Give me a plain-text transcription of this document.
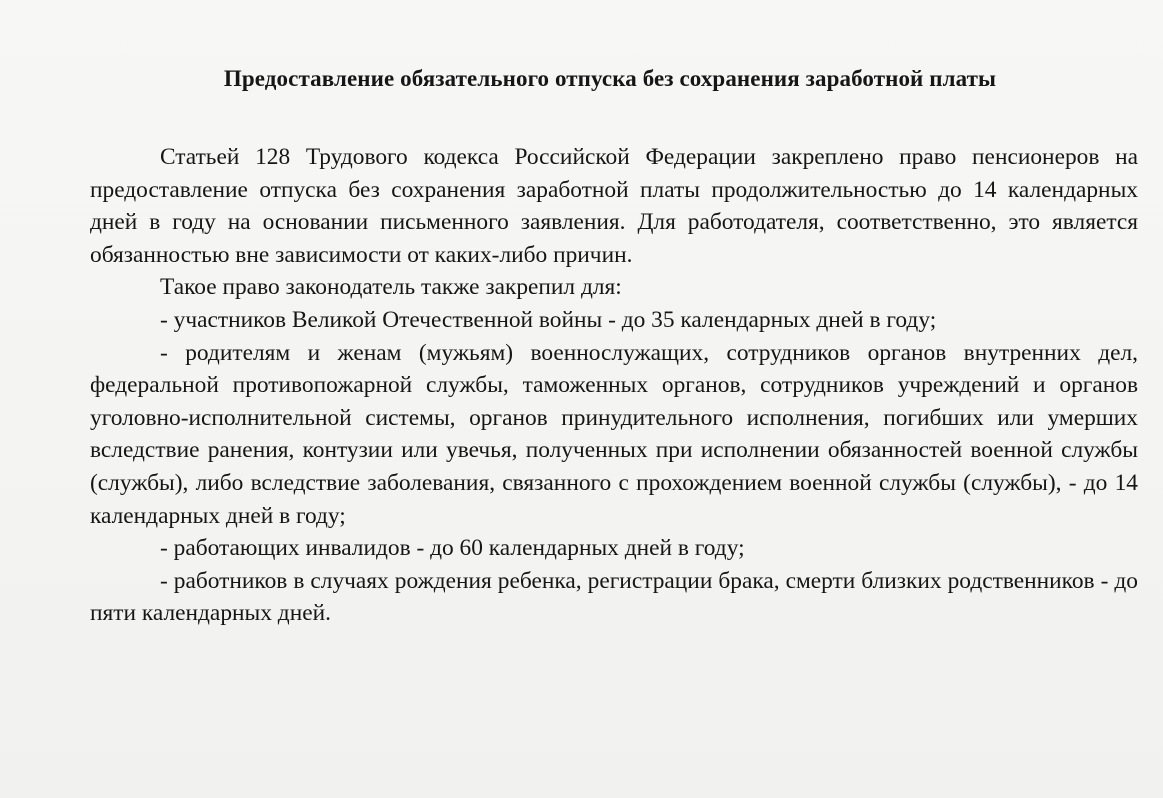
Предоставление обязательного отпуска без сохранения заработной платы

Статьей 128 Трудового кодекса Российской Федерации закреплено право пенсионеров на предоставление отпуска без сохранения заработной платы продолжительностью до 14 календарных дней в году на основании письменного заявления. Для работодателя, соответственно, это является обязанностью вне зависимости от каких-либо причин.

Такое право законодатель также закрепил для:

- участников Великой Отечественной войны - до 35 календарных дней в году;

- родителям и женам (мужьям) военнослужащих, сотрудников органов внутренних дел, федеральной противопожарной службы, таможенных органов, сотрудников учреждений и органов уголовно-исполнительной системы, органов принудительного исполнения, погибших или умерших вследствие ранения, контузии или увечья, полученных при исполнении обязанностей военной службы (службы), либо вследствие заболевания, связанного с прохождением военной службы (службы), - до 14 календарных дней в году;

- работающих инвалидов - до 60 календарных дней в году;

- работников в случаях рождения ребенка, регистрации брака, смерти близких родственников - до пяти календарных дней.
